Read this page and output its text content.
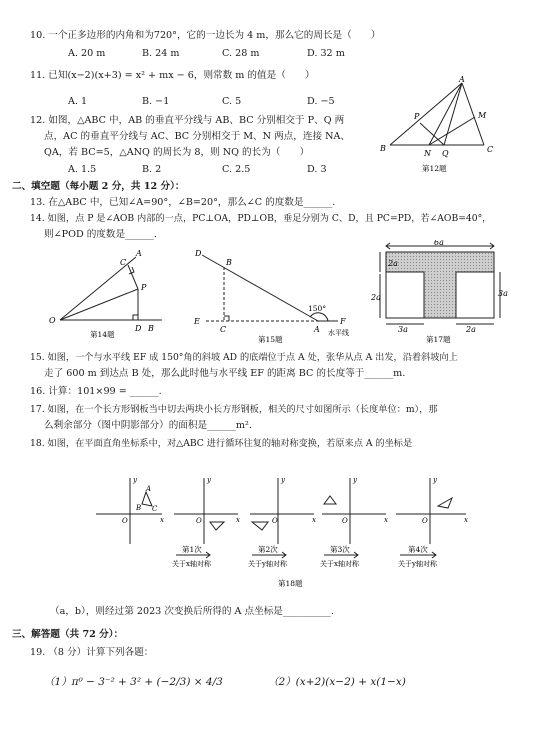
10. 一个正多边形的内角和为720°，它的一边长为 4 m，那么它的周长是（　　）
A. 20 m	B. 24 m	C. 28 m	D. 32 m
11. 已知(x−2)(x+3) = x² + mx − 6，则常数 m 的值是（　　）
A. 1	B. −1	C. 5	D. −5
12. 如图，△ABC 中，AB 的垂直平分线与 AB、BC 分别相交于 P、Q 两
点，AC 的垂直平分线与 AC、BC 分别相交于 M、N 两点，连接 NA、
QA，若 BC=5，△ANQ 的周长为 8，则 NQ 的长为（　　）
A. 1.5	B. 2	C. 2.5	D. 3
A
P	M
B
N Q	C
第12题
二、填空题（每小题 2 分，共 12 分）：
13. 在△ABC 中，已知∠A=90°，∠B=20°，那么∠C 的度数是______.
14. 如图，点 P 是∠AOB 内部的一点，PC⊥OA，PD⊥OB，垂足分别为 C、D，且 PC=PD，若∠AOB=40°，
则∠POD 的度数是______.
A
C
P
O
D B
第14题
D
B
150°
E
C	A
F
水平线
第15题
6a
2a
2a	3a
3a	2a
第17题
15. 如图，一个与水平线 EF 成 150°角的斜坡 AD 的底端位于点 A 处，张华从点 A 出发，沿着斜坡向上
走了 600 m 到达点 B 处，那么此时他与水平线 EF 的距离 BC 的长度等于______m.
16. 计算：101×99 = ______.
17. 如图，在一个长方形钢板当中切去两块小长方形钢板，相关的尺寸如图所示（长度单位：m），那
么剩余部分（图中阴影部分）的面积是______m².
18. 如图，在平面直角坐标系中，对△ABC 进行循环往复的轴对称变换，若原来点 A 的坐标是
y
x
O
A
B C
y
x
O
y
x
O
y
x
O
y
x
O
第1次
关于x轴对称
第2次
关于y轴对称
第3次
关于x轴对称
第4次
关于y轴对称
第18题
（a，b），则经过第 2023 次变换后所得的 A 点坐标是__________.
三、解答题（共 72 分）：
19. （8 分）计算下列各题：
（1）π⁰ − 3⁻² + 3² + (−2/3) × 4/3	（2）(x+2)(x−2) + x(1−x)
